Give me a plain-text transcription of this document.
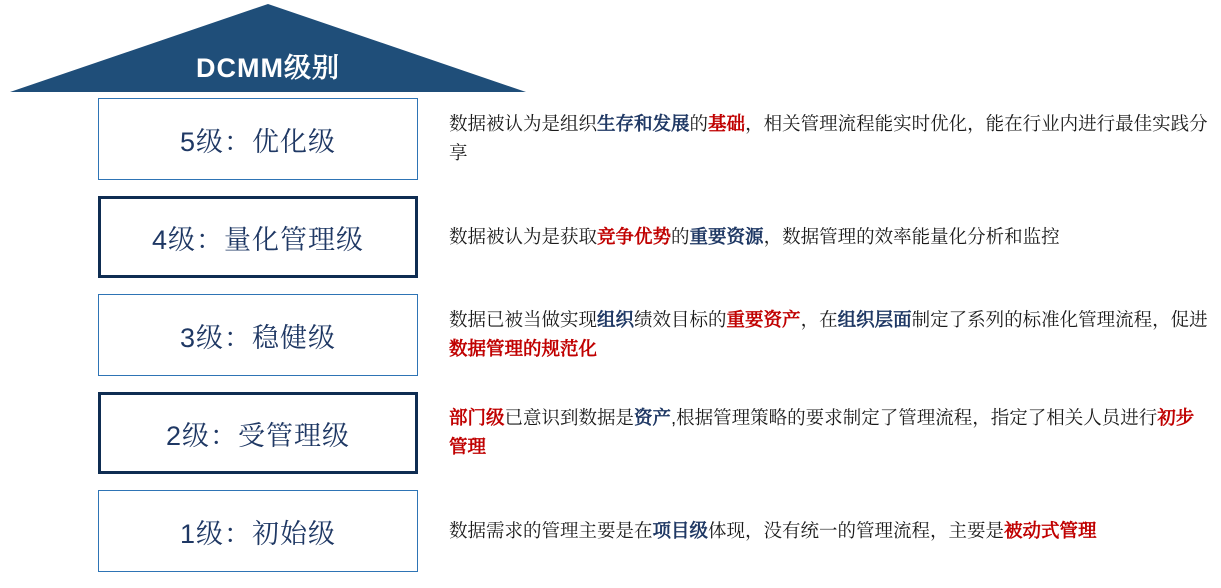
DCMM级别
5级：优化级
4级：量化管理级
3级：稳健级
2级：受管理级
1级：初始级

数据被认为是组织生存和发展的基础，相关管理流程能实时优化，能在行业内进行最佳实践分享

数据被认为是获取竞争优势的重要资源，数据管理的效率能量化分析和监控

数据已被当做实现组织绩效目标的重要资产，在组织层面制定了系列的标准化管理流程，促进数据管理的规范化

部门级已意识到数据是资产,根据管理策略的要求制定了管理流程，指定了相关人员进行初步管理

数据需求的管理主要是在项目级体现，没有统一的管理流程，主要是被动式管理
